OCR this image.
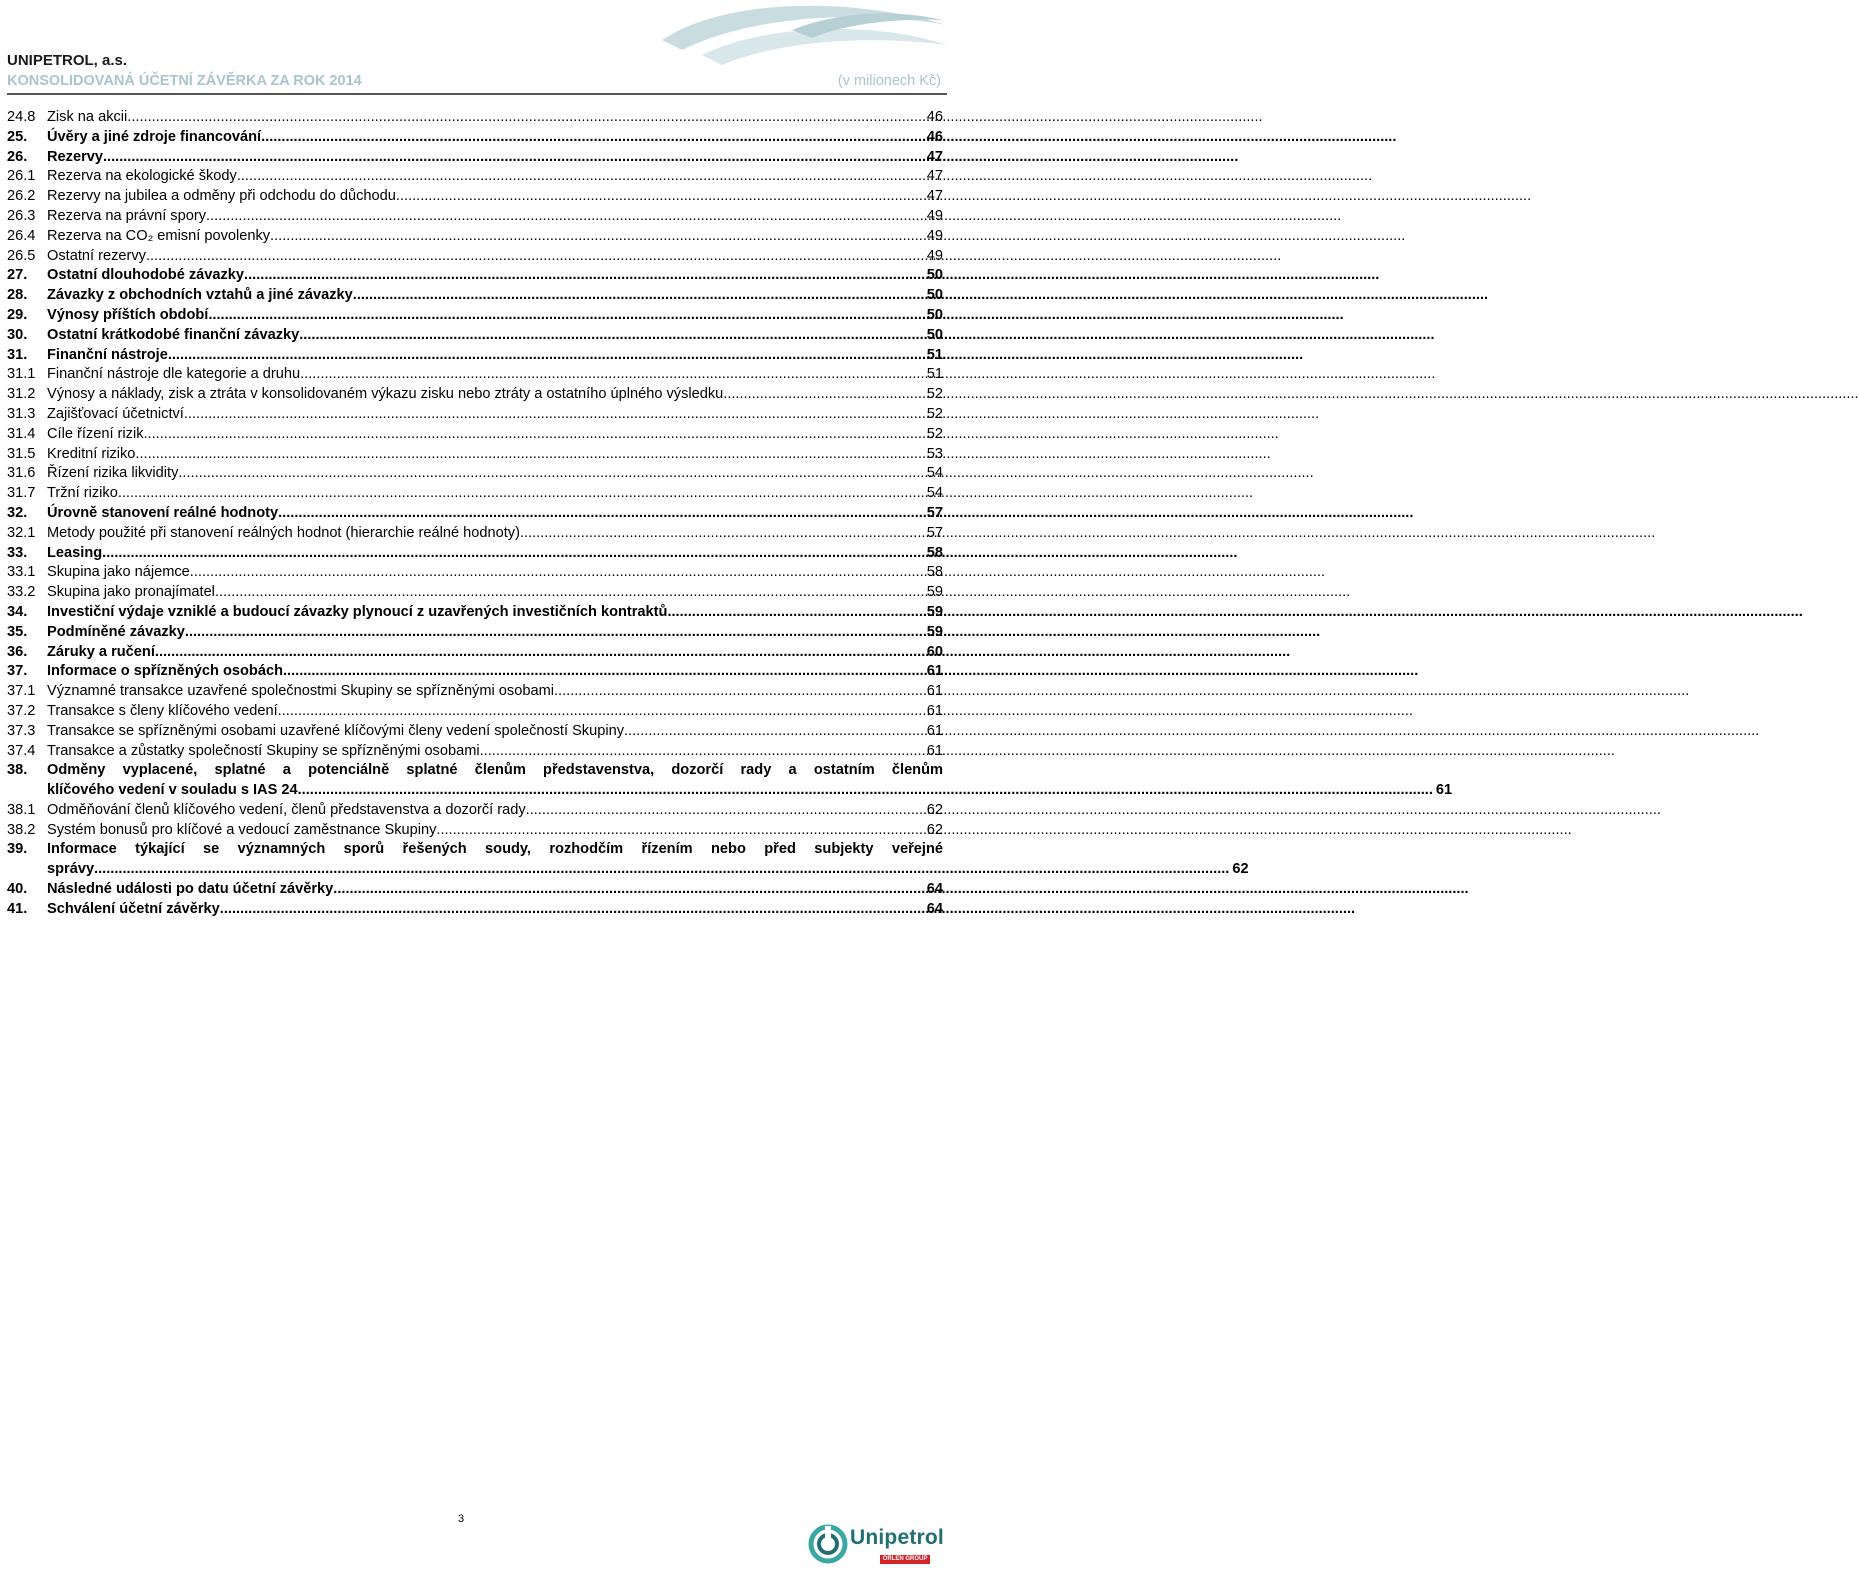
UNIPETROL, a.s.
KONSOLIDOVANÁ ÚČETNÍ ZÁVĚRKA ZA ROK 2014	(v milionech Kč)
24.8 Zisk na akcii .....	46
25.	Úvěry a jiné zdroje financování .....	46
26.	Rezervy .....	47
26.1 Rezerva na ekologické škody .....	47
26.2 Rezervy na jubilea a odměny při odchodu do důchodu .....	47
26.3 Rezerva na právní spory .....	49
26.4 Rezerva na CO₂ emisní povolenky .....	49
26.5 Ostatní rezervy .....	49
27.	Ostatní dlouhodobé závazky .....	50
28.	Závazky z obchodních vztahů a jiné závazky .....	50
29.	Výnosy příštích období .....	50
30.	Ostatní krátkodobé finanční závazky .....	50
31.	Finanční nástroje .....	51
31.1 Finanční nástroje dle kategorie a druhu .....	51
31.2 Výnosy a náklady, zisk a ztráta v konsolidovaném výkazu zisku nebo ztráty a ostatního úplného výsledku .....	52
31.3 Zajišťovací účetnictví .....	52
31.4 Cíle řízení rizik .....	52
31.5 Kreditní riziko .....	53
31.6 Řízení rizika likvidity .....	54
31.7 Tržní riziko .....	54
32.	Úrovně stanovení reálné hodnoty .....	57
32.1 Metody použité při stanovení reálných hodnot (hierarchie reálné hodnoty) .....	57
33.	Leasing .....	58
33.1 Skupina jako nájemce .....	58
33.2 Skupina jako pronajímatel .....	59
34.	Investiční výdaje vzniklé a budoucí závazky plynoucí z uzavřených investičních kontraktů .....	59
35.	Podmíněné závazky .....	59
36.	Záruky a ručení .....	60
37.	Informace o spřízněných osobách .....	61
37.1 Významné transakce uzavřené společnostmi Skupiny se spřízněnými osobami .....	61
37.2 Transakce s členy klíčového vedení .....	61
37.3 Transakce se spřízněnými osobami uzavřené klíčovými členy vedení společností Skupiny .....	61
37.4 Transakce a zůstatky společností Skupiny se spřízněnými osobami .....	61
38.	Odměny vyplacené, splatné a potenciálně splatné členům představenstva, dozorčí rady a ostatním členům
klíčového vedení v souladu s IAS 24 .....	61
38.1 Odměňování členů klíčového vedení, členů představenstva a dozorčí rady .....	62
38.2 Systém bonusů pro klíčové a vedoucí zaměstnance Skupiny .....	62
39.	Informace týkající se významných sporů řešených soudy, rozhodčím řízením nebo před subjekty veřejné
správy .....	62
40.	Následné události po datu účetní závěrky .....	64
41.	Schválení účetní závěrky .....	64
3
Unipetrol
ORLEN GROUP
